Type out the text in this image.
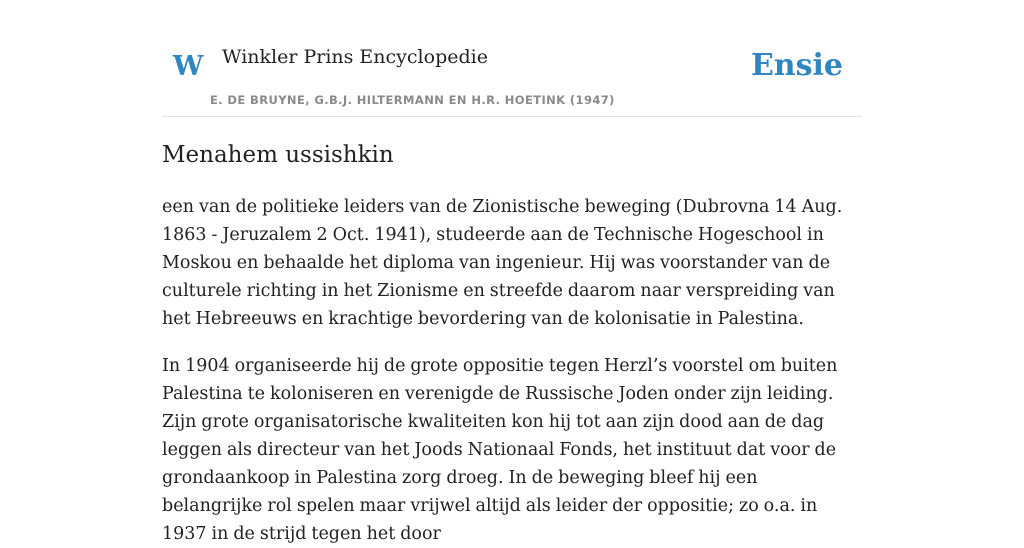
W Winkler Prins Encyclopedie
E. DE BRUYNE, G.B.J. HILTERMANN EN H.R. HOETINK (1947)
Ensie
Menahem ussishkin

een van de politieke leiders van de Zionistische beweging (Dubrovna 14 Aug. 1863 - Jeruzalem 2 Oct. 1941), studeerde aan de Technische Hogeschool in Moskou en behaalde het diploma van ingenieur. Hij was voorstander van de culturele richting in het Zionisme en streefde daarom naar verspreiding van het Hebreeuws en krachtige bevordering van de kolonisatie in Palestina.

In 1904 organiseerde hij de grote oppositie tegen Herzl’s voorstel om buiten Palestina te koloniseren en verenigde de Russische Joden onder zijn leiding. Zijn grote organisatorische kwaliteiten kon hij tot aan zijn dood aan de dag leggen als directeur van het Joods Nationaal Fonds, het instituut dat voor de grondaankoop in Palestina zorg droeg. In de beweging bleef hij een belangrijke rol spelen maar vrijwel altijd als leider der oppositie; zo o.a. in 1937 in de strijd tegen het door
